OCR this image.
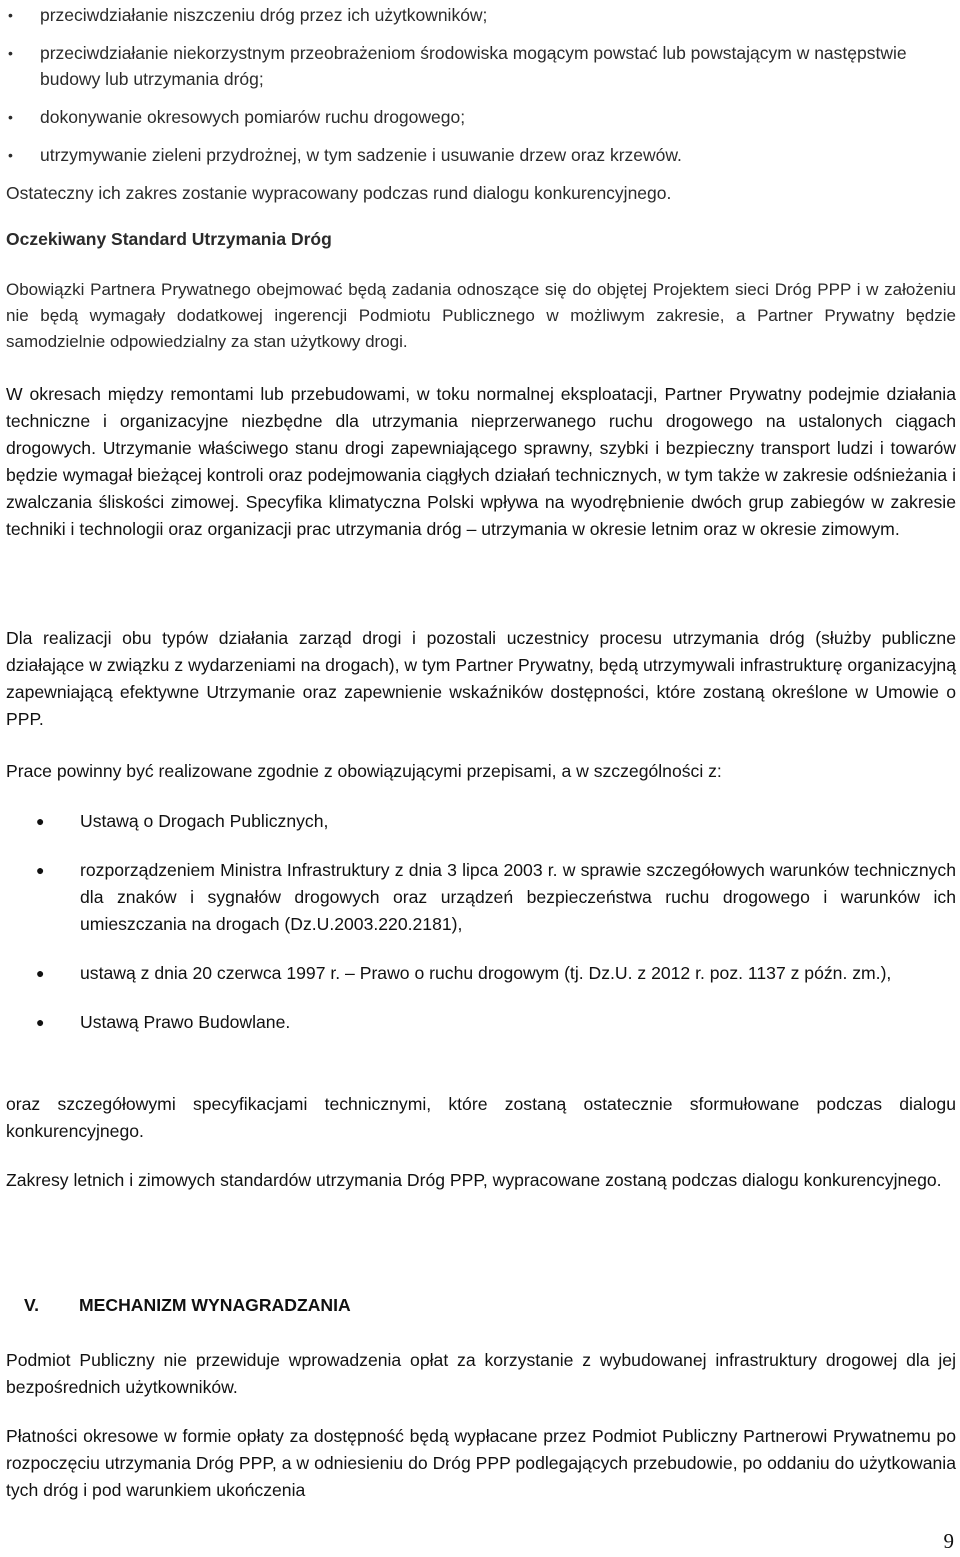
• przeciwdziałanie niszczeniu dróg przez ich użytkowników;
• przeciwdziałanie niekorzystnym przeobrażeniom środowiska mogącym powstać lub powstającym w następstwie budowy lub utrzymania dróg;
• dokonywanie okresowych pomiarów ruchu drogowego;
• utrzymywanie zieleni przydrożnej, w tym sadzenie i usuwanie drzew oraz krzewów.
Ostateczny ich zakres zostanie wypracowany podczas rund dialogu konkurencyjnego.
Oczekiwany Standard Utrzymania Dróg
Obowiązki Partnera Prywatnego obejmować będą zadania odnoszące się do objętej Projektem sieci Dróg PPP i w założeniu nie będą wymagały dodatkowej ingerencji Podmiotu Publicznego w możliwym zakresie, a Partner Prywatny będzie samodzielnie odpowiedzialny za stan użytkowy drogi.
W okresach między remontami lub przebudowami, w toku normalnej eksploatacji, Partner Prywatny podejmie działania techniczne i organizacyjne niezbędne dla utrzymania nieprzerwanego ruchu drogowego na ustalonych ciągach drogowych. Utrzymanie właściwego stanu drogi zapewniającego sprawny, szybki i bezpieczny transport ludzi i towarów będzie wymagał bieżącej kontroli oraz podejmowania ciągłych działań technicznych, w tym także w zakresie odśnieżania i zwalczania śliskości zimowej. Specyfika klimatyczna Polski wpływa na wyodrębnienie dwóch grup zabiegów w zakresie techniki i technologii oraz organizacji prac utrzymania dróg – utrzymania w okresie letnim oraz w okresie zimowym.
Dla realizacji obu typów działania zarząd drogi i pozostali uczestnicy procesu utrzymania dróg (służby publiczne działające w związku z wydarzeniami na drogach), w tym Partner Prywatny, będą utrzymywali infrastrukturę organizacyjną zapewniającą efektywne Utrzymanie oraz zapewnienie wskaźników dostępności, które zostaną określone w Umowie o PPP.
Prace powinny być realizowane zgodnie z obowiązującymi przepisami, a w szczególności z:
● Ustawą o Drogach Publicznych,
● rozporządzeniem Ministra Infrastruktury z dnia 3 lipca 2003 r. w sprawie szczegółowych warunków technicznych dla znaków i sygnałów drogowych oraz urządzeń bezpieczeństwa ruchu drogowego i warunków ich umieszczania na drogach (Dz.U.2003.220.2181),
● ustawą z dnia 20 czerwca 1997 r. – Prawo o ruchu drogowym (tj. Dz.U. z 2012 r. poz. 1137 z późn. zm.),
● Ustawą Prawo Budowlane.
oraz szczegółowymi specyfikacjami technicznymi, które zostaną ostatecznie sformułowane podczas dialogu konkurencyjnego.
Zakresy letnich i zimowych standardów utrzymania Dróg PPP, wypracowane zostaną podczas dialogu konkurencyjnego.
V. MECHANIZM WYNAGRADZANIA
Podmiot Publiczny nie przewiduje wprowadzenia opłat za korzystanie z wybudowanej infrastruktury drogowej dla jej bezpośrednich użytkowników.
Płatności okresowe w formie opłaty za dostępność będą wypłacane przez Podmiot Publiczny Partnerowi Prywatnemu po rozpoczęciu utrzymania Dróg PPP, a w odniesieniu do Dróg PPP podlegających przebudowie, po oddaniu do użytkowania tych dróg i pod warunkiem ukończenia
9
